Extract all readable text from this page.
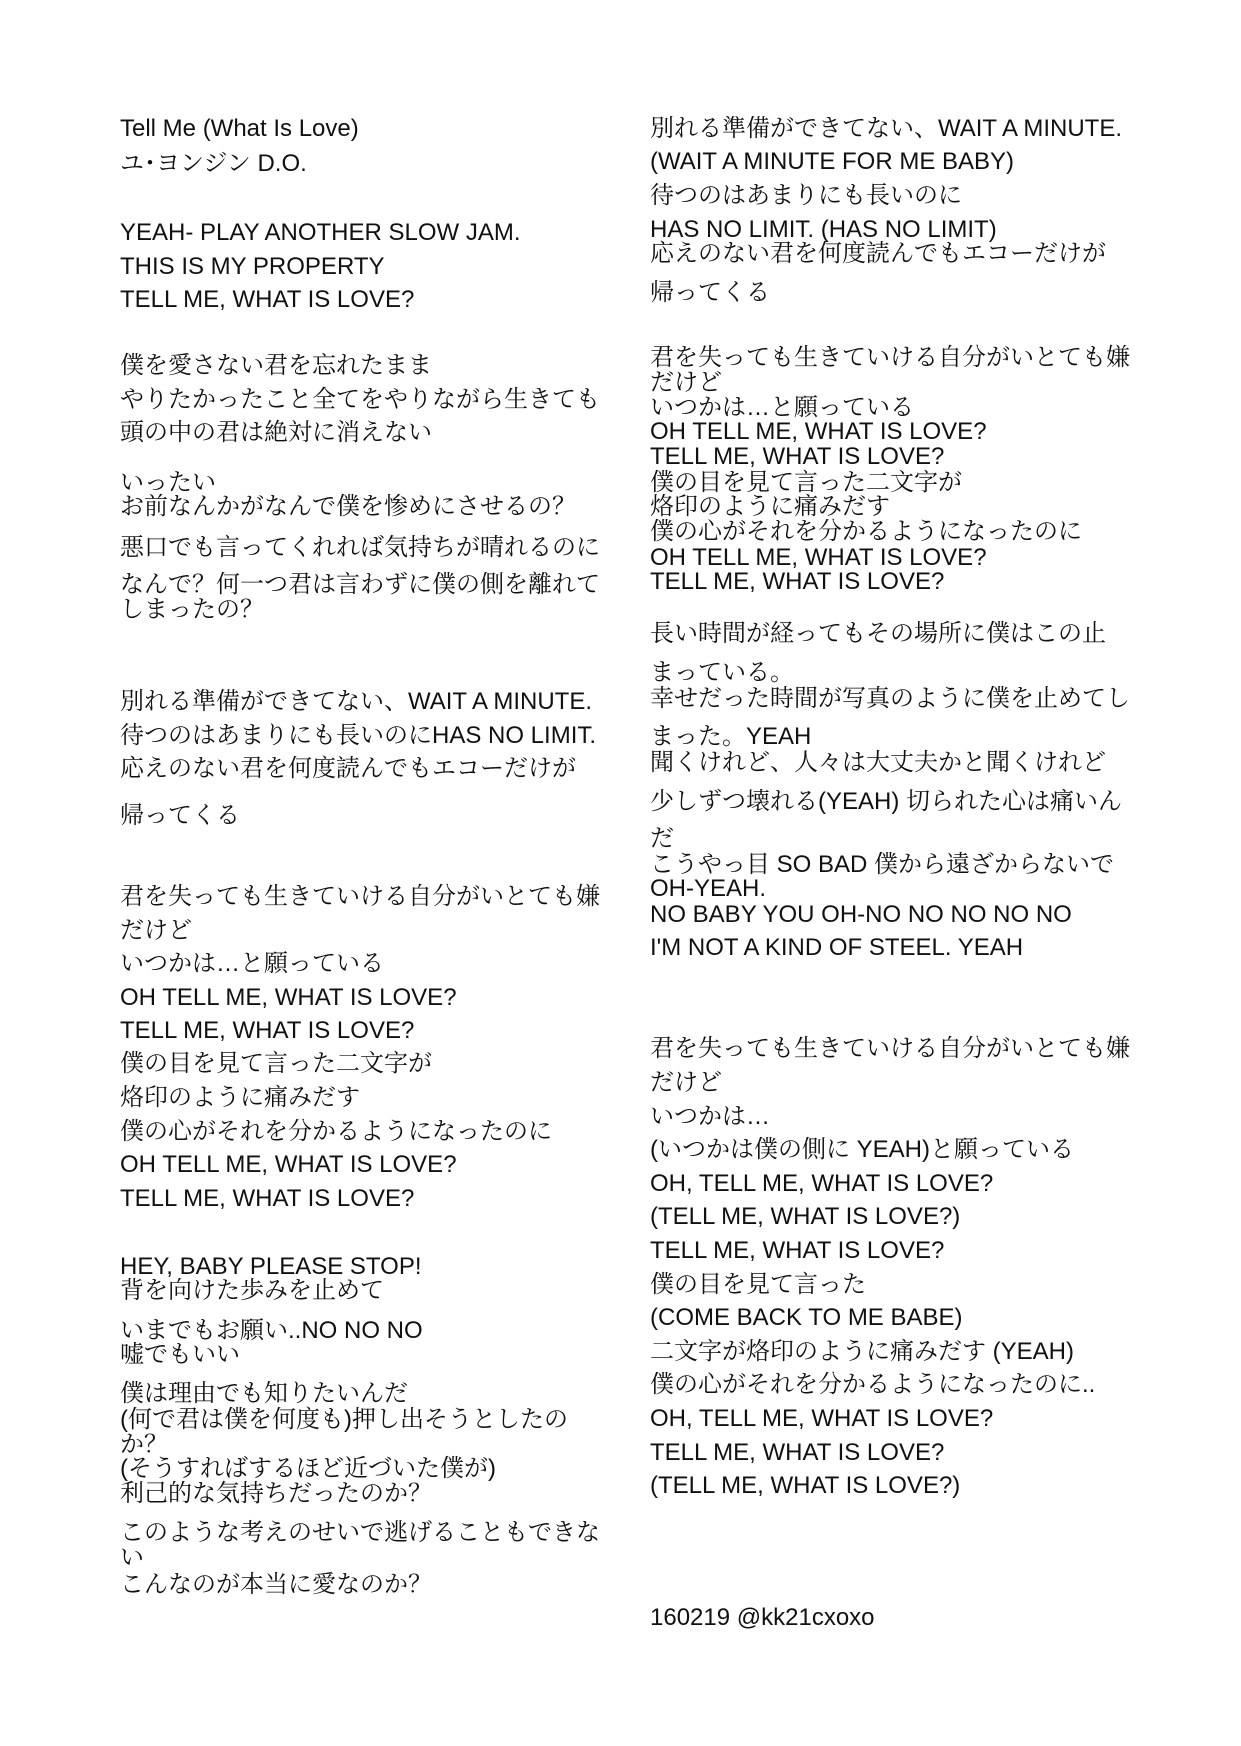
Tell Me (What Is Love)
ユ･ヨンジン D.O.
YEAH- PLAY ANOTHER SLOW JAM.
THIS IS MY PROPERTY
TELL ME, WHAT IS LOVE?
僕を愛さない君を忘れたまま
やりたかったこと全てをやりながら生きても
頭の中の君は絶対に消えない
いったい
お前なんかがなんで僕を惨めにさせるの？
悪口でも言ってくれれば気持ちが晴れるのに
なんで？何一つ君は言わずに僕の側を離れて
しまったの？
別れる準備ができてない、WAIT A MINUTE.
待つのはあまりにも長いのにHAS NO LIMIT.
応えのない君を何度読んでもエコーだけが
帰ってくる
君を失っても生きていける自分がいとても嫌
だけど
いつかは…と願っている
OH TELL ME, WHAT IS LOVE?
TELL ME, WHAT IS LOVE?
僕の目を見て言った二文字が
烙印のように痛みだす
僕の心がそれを分かるようになったのに
OH TELL ME, WHAT IS LOVE?
TELL ME, WHAT IS LOVE?
HEY, BABY PLEASE STOP!
背を向けた歩みを止めて
いまでもお願い..NO NO NO
嘘でもいい
僕は理由でも知りたいんだ
(何で君は僕を何度も)押し出そうとしたの
か？
(そうすればするほど近づいた僕が)
利己的な気持ちだったのか？
このような考えのせいで逃げることもできな
い
こんなのが本当に愛なのか？
別れる準備ができてない、WAIT A MINUTE.
(WAIT A MINUTE FOR ME BABY)
待つのはあまりにも長いのに
HAS NO LIMIT. (HAS NO LIMIT)
応えのない君を何度読んでもエコーだけが
帰ってくる
君を失っても生きていける自分がいとても嫌
だけど
いつかは…と願っている
OH TELL ME, WHAT IS LOVE?
TELL ME, WHAT IS LOVE?
僕の目を見て言った二文字が
烙印のように痛みだす
僕の心がそれを分かるようになったのに
OH TELL ME, WHAT IS LOVE?
TELL ME, WHAT IS LOVE?
長い時間が経ってもその場所に僕はこの止
まっている。
幸せだった時間が写真のように僕を止めてし
まった。YEAH
聞くけれど、人々は大丈夫かと聞くけれど
少しずつ壊れる(YEAH) 切られた心は痛いん
だ
こうやっ目 SO BAD 僕から遠ざからないで
OH-YEAH.
NO BABY YOU OH-NO NO NO NO NO
I'M NOT A KIND OF STEEL. YEAH
君を失っても生きていける自分がいとても嫌
だけど
いつかは…
(いつかは僕の側に YEAH)と願っている
OH, TELL ME, WHAT IS LOVE?
(TELL ME, WHAT IS LOVE?)
TELL ME, WHAT IS LOVE?
僕の目を見て言った
(COME BACK TO ME BABE)
二文字が烙印のように痛みだす (YEAH)
僕の心がそれを分かるようになったのに..
OH, TELL ME, WHAT IS LOVE?
TELL ME, WHAT IS LOVE?
(TELL ME, WHAT IS LOVE?)
160219 @kk21cxoxo
